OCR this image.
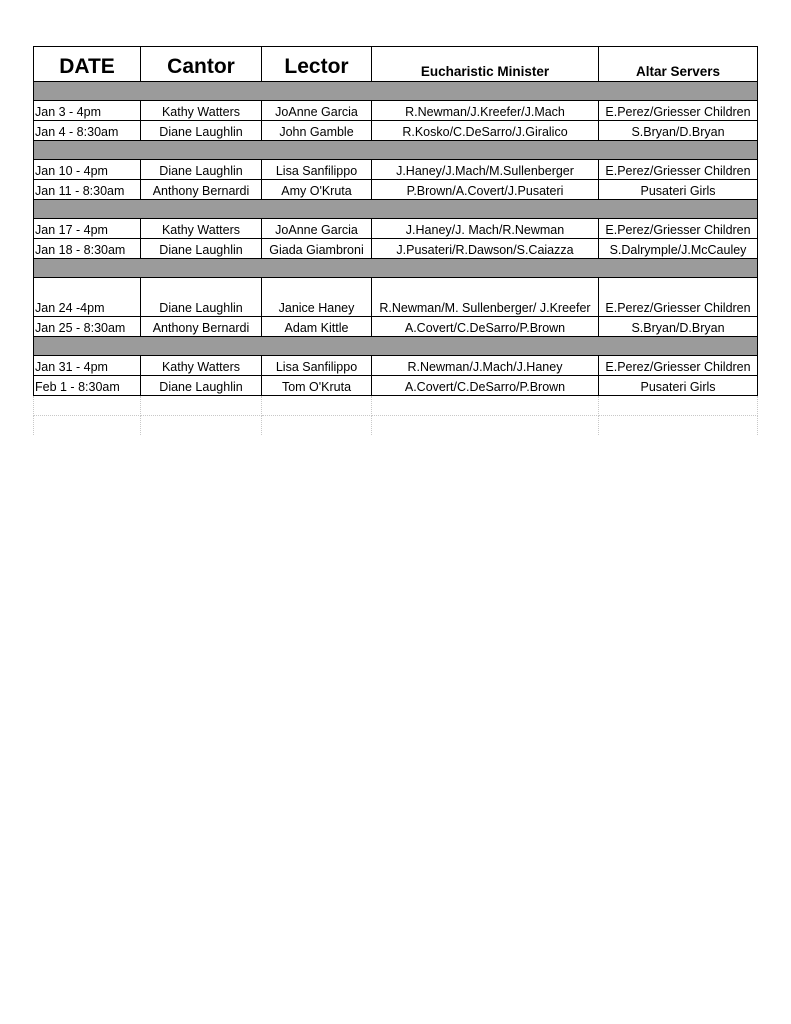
DATE	Cantor	Lector	Eucharistic Minister	Altar Servers

Jan 3 - 4pm	Kathy Watters	JoAnne Garcia	R.Newman/J.Kreefer/J.Mach	E.Perez/Griesser Children
Jan 4 - 8:30am	Diane Laughlin	John Gamble	R.Kosko/C.DeSarro/J.Giralico	S.Bryan/D.Bryan

Jan 10 - 4pm	Diane Laughlin	Lisa Sanfilippo	J.Haney/J.Mach/M.Sullenberger	E.Perez/Griesser Children
Jan 11 - 8:30am	Anthony Bernardi	Amy O'Kruta	P.Brown/A.Covert/J.Pusateri	Pusateri Girls

Jan 17 - 4pm	Kathy Watters	JoAnne Garcia	J.Haney/J. Mach/R.Newman	E.Perez/Griesser Children
Jan 18 - 8:30am	Diane Laughlin	Giada Giambroni	J.Pusateri/R.Dawson/S.Caiazza	S.Dalrymple/J.McCauley

Jan 24 -4pm	Diane Laughlin	Janice Haney	R.Newman/M. Sullenberger/ J.Kreefer	E.Perez/Griesser Children
Jan 25 - 8:30am	Anthony Bernardi	Adam Kittle	A.Covert/C.DeSarro/P.Brown	S.Bryan/D.Bryan

Jan 31 - 4pm	Kathy Watters	Lisa Sanfilippo	R.Newman/J.Mach/J.Haney	E.Perez/Griesser Children
Feb 1 - 8:30am	Diane Laughlin	Tom O'Kruta	A.Covert/C.DeSarro/P.Brown	Pusateri Girls
